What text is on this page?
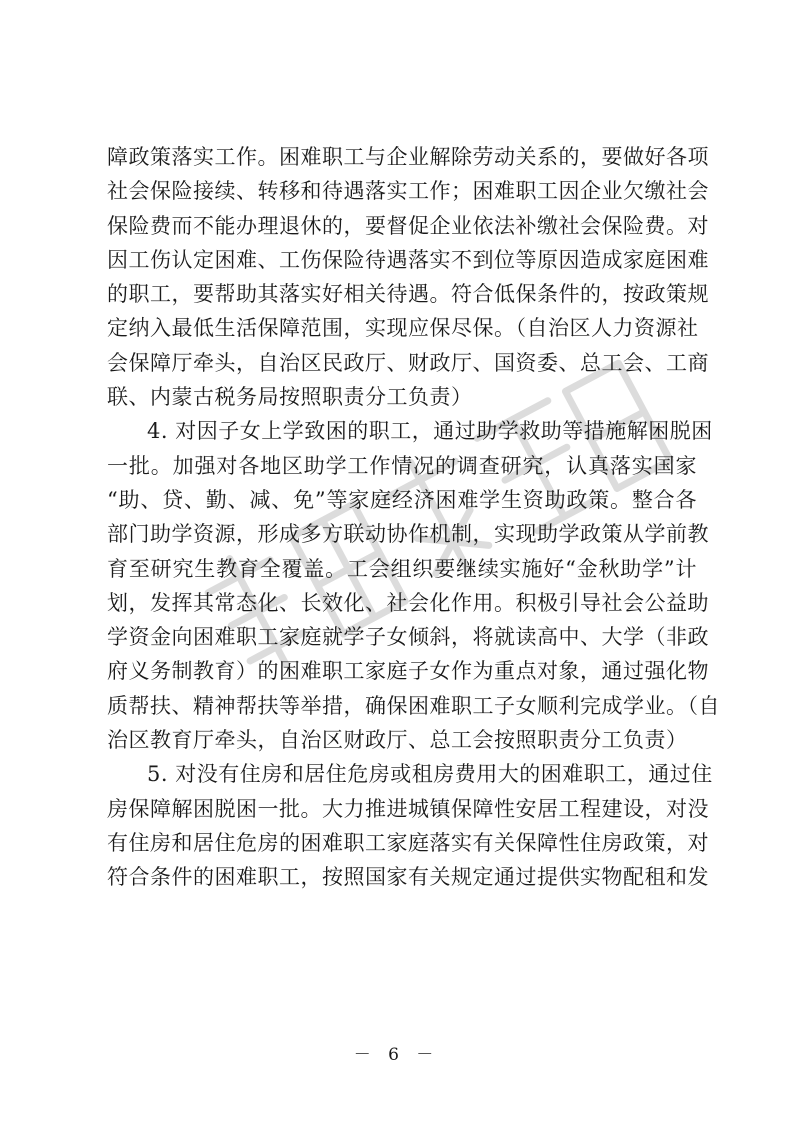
障政策落实工作。困难职工与企业解除劳动关系的，要做好各项
社会保险接续、转移和待遇落实工作；困难职工因企业欠缴社会
保险费而不能办理退休的，要督促企业依法补缴社会保险费。对
因工伤认定困难、工伤保险待遇落实不到位等原因造成家庭困难
的职工，要帮助其落实好相关待遇。符合低保条件的，按政策规
定纳入最低生活保障范围，实现应保尽保。（自治区人力资源社
会保障厅牵头，自治区民政厅、财政厅、国资委、总工会、工商
联、内蒙古税务局按照职责分工负责）
4. 对因子女上学致困的职工，通过助学救助等措施解困脱困
一批。加强对各地区助学工作情况的调查研究，认真落实国家
“助、贷、勤、减、免”等家庭经济困难学生资助政策。整合各
部门助学资源，形成多方联动协作机制，实现助学政策从学前教
育至研究生教育全覆盖。工会组织要继续实施好“金秋助学”计
划，发挥其常态化、长效化、社会化作用。积极引导社会公益助
学资金向困难职工家庭就学子女倾斜，将就读高中、大学（非政
府义务制教育）的困难职工家庭子女作为重点对象，通过强化物
质帮扶、精神帮扶等举措，确保困难职工子女顺利完成学业。（自
治区教育厅牵头，自治区财政厅、总工会按照职责分工负责）
5. 对没有住房和居住危房或租房费用大的困难职工，通过住
房保障解困脱困一批。大力推进城镇保障性安居工程建设，对没
有住房和居住危房的困难职工家庭落实有关保障性住房政策，对
符合条件的困难职工，按照国家有关规定通过提供实物配租和发
－ 6 －
